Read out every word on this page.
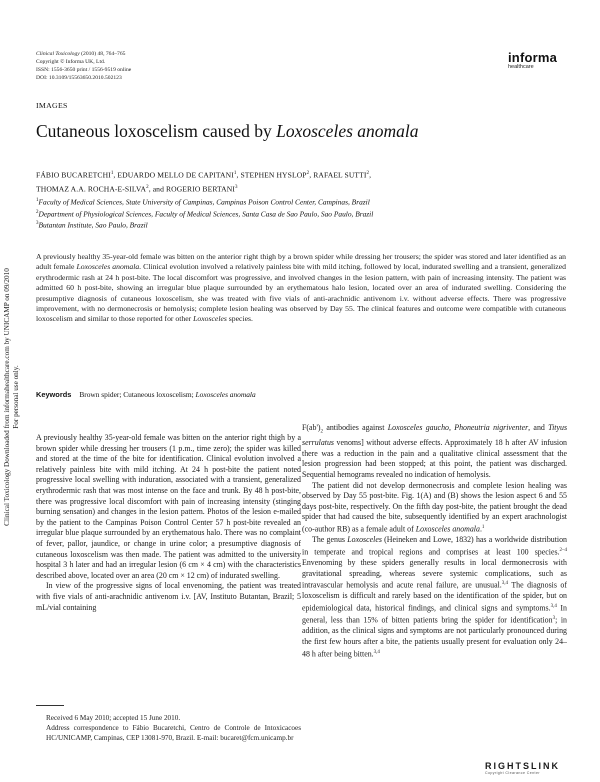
Clinical Toxicology Downloaded from informahealthcare.com by UNICAMP on 09/2010 For personal use only.
Clinical Toxicology (2010) 48, 764–765
Copyright © Informa UK, Ltd.
ISSN: 1556-3650 print / 1556-9519 online
DOI: 10.3109/15563650.2010.502123
informa
healthcare
IMAGES
Cutaneous loxoscelism caused by Loxosceles anomala
FÁBIO BUCARETCHI$^1$, EDUARDO MELLO DE CAPITANI$^1$, STEPHEN HYSLOP$^2$, RAFAEL SUTTI$^2$,
THOMAZ A.A. ROCHA-E-SILVA$^2$, and ROGERIO BERTANI$^3$
$^1$Faculty of Medical Sciences, State University of Campinas, Campinas Poison Control Center, Campinas, Brazil
$^2$Department of Physiological Sciences, Faculty of Medical Sciences, Santa Casa de Sao Paulo, Sao Paulo, Brazil
$^3$Butantan Institute, Sao Paulo, Brazil
A previously healthy 35-year-old female was bitten on the anterior right thigh by a brown spider while dressing her trousers; the spider was stored and later identified as an adult female Loxosceles anomala. Clinical evolution involved a relatively painless bite with mild itching, followed by local, indurated swelling and a transient, generalized erythrodermic rash at 24 h post-bite. The local discomfort was progressive, and involved changes in the lesion pattern, with pain of increasing intensity. The patient was admitted 60 h post-bite, showing an irregular blue plaque surrounded by an erythematous halo lesion, located over an area of indurated swelling. Considering the presumptive diagnosis of cutaneous loxoscelism, she was treated with five vials of anti-arachnidic antivenom i.v. without adverse effects. There was progressive improvement, with no dermonecrosis or hemolysis; complete lesion healing was observed by Day 55. The clinical features and outcome were compatible with cutaneous loxoscelism and similar to those reported for other Loxosceles species.
Keywords Brown spider; Cutaneous loxoscelism; Loxosceles anomala

A previously healthy 35-year-old female was bitten on the anterior right thigh by a brown spider while dressing her trousers (1 p.m., time zero); the spider was killed and stored at the time of the bite for identification. Clinical evolution involved a relatively painless bite with mild itching. At 24 h post-bite the patient noted progressive local swelling with induration, associated with a transient, generalized erythrodermic rash that was most intense on the face and trunk. By 48 h post-bite, there was progressive local discomfort with pain of increasing intensity (stinging burning sensation) and changes in the lesion pattern. Photos of the lesion e-mailed by the patient to the Campinas Poison Control Center 57 h post-bite revealed an irregular blue plaque surrounded by an erythematous halo. There was no complaint of fever, pallor, jaundice, or change in urine color; a presumptive diagnosis of cutaneous loxoscelism was then made. The patient was admitted to the university hospital 3 h later and had an irregular lesion (6 cm × 4 cm) with the characteristics described above, located over an area (20 cm × 12 cm) of indurated swelling.

In view of the progressive signs of local envenoming, the patient was treated with five vials of anti-arachnidic antivenom i.v. [AV, Instituto Butantan, Brazil; 5 mL/vial containing

$F(ab')_2$ antibodies against Loxosceles gaucho, Phoneutria nigriventer, and Tityus serrulatus venoms] without adverse effects. Approximately 18 h after AV infusion there was a reduction in the pain and a qualitative clinical assessment that the lesion progression had been stopped; at this point, the patient was discharged. Sequential hemograms revealed no indication of hemolysis.

The patient did not develop dermonecrosis and complete lesion healing was observed by Day 55 post-bite. Fig. 1(A) and (B) shows the lesion aspect 6 and 55 days post-bite, respectively. On the fifth day post-bite, the patient brought the dead spider that had caused the bite, subsequently identified by an expert arachnologist (co-author RB) as a female adult of Loxosceles anomala.$^1$

The genus Loxosceles (Heineken and Lowe, 1832) has a worldwide distribution in temperate and tropical regions and comprises at least 100 species.$^{2-4}$ Envenoming by these spiders generally results in local dermonecrosis with gravitational spreading, whereas severe systemic complications, such as intravascular hemolysis and acute renal failure, are unusual.$^{3,4}$ The diagnosis of loxoscelism is difficult and rarely based on the identification of the spider, but on epidemiological data, historical findings, and clinical signs and symptoms.$^{3,4}$ In general, less than 15% of bitten patients bring the spider for identification$^3$; in addition, as the clinical signs and symptoms are not particularly pronounced during the first few hours after a bite, the patients usually present for evaluation only 24–48 h after being bitten.$^{3,4}$

Received 6 May 2010; accepted 15 June 2010.
Address correspondence to Fábio Bucaretchi, Centro de Controle de Intoxicacoes HC/UNICAMP, Campinas, CEP 13081-970, Brazil. E-mail: bucaret@fcm.unicamp.br
RIGHTSLINK
Copyright Clearance Center
